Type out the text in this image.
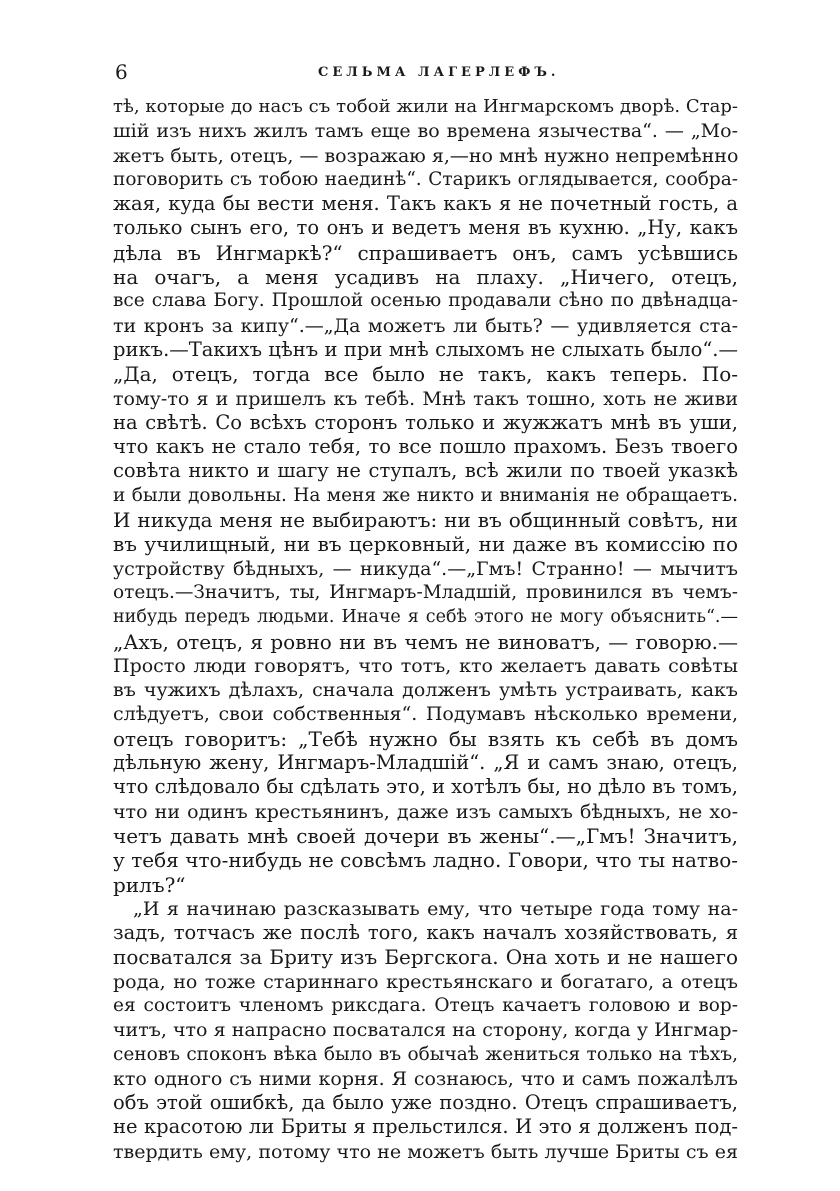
6	СЕЛЬМА ЛАГЕРЛЕФЪ.
тѣ, которые до насъ съ тобой жили на Ингмарскомъ дворѣ. Стар-
шій изъ нихъ жилъ тамъ еще во времена язычества“. — „Мо-
жетъ быть, отецъ, — возражаю я,—но мнѣ нужно непремѣнно
поговорить съ тобою наединѣ“. Старикъ оглядывается, сообра-
жая, куда бы вести меня. Такъ какъ я не почетный гость, а
только сынъ его, то онъ и ведетъ меня въ кухню. „Ну, какъ
дѣла въ Ингмаркѣ?“ спрашиваетъ онъ, самъ усѣвшись
на очагъ, а меня усадивъ на плаху. „Ничего, отецъ,
все слава Богу. Прошлой осенью продавали сѣно по двѣнадца-
ти кронъ за кипу“.—„Да можетъ ли быть? — удивляется ста-
рикъ.—Такихъ цѣнъ и при мнѣ слыхомъ не слыхать было“.—
„Да, отецъ, тогда все было не такъ, какъ теперь. По-
тому-то я и пришелъ къ тебѣ. Мнѣ такъ тошно, хоть не живи
на свѣтѣ. Со всѣхъ сторонъ только и жужжатъ мнѣ въ уши,
что какъ не стало тебя, то все пошло прахомъ. Безъ твоего
совѣта никто и шагу не ступалъ, всѣ жили по твоей указкѣ
и были довольны. На меня же никто и вниманія не обращаетъ.
И никуда меня не выбираютъ: ни въ общинный совѣтъ, ни
въ училищный, ни въ церковный, ни даже въ комиссію по
устройству бѣдныхъ, — никуда“.—„Гмъ! Странно! — мычитъ
отецъ.—Значитъ, ты, Ингмаръ-Младшій, провинился въ чемъ-
нибудь передъ людьми. Иначе я себѣ этого не могу объяснить“.—
„Ахъ, отецъ, я ровно ни въ чемъ не виноватъ, — говорю.—
Просто люди говорятъ, что тотъ, кто желаетъ давать совѣты
въ чужихъ дѣлахъ, сначала долженъ умѣть устраивать, какъ
слѣдуетъ, свои собственныя“. Подумавъ нѣсколько времени,
отецъ говоритъ: „Тебѣ нужно бы взять къ себѣ въ домъ
дѣльную жену, Ингмаръ-Младшій“. „Я и самъ знаю, отецъ,
что слѣдовало бы сдѣлать это, и хотѣлъ бы, но дѣло въ томъ,
что ни одинъ крестьянинъ, даже изъ самыхъ бѣдныхъ, не хо-
четъ давать мнѣ своей дочери въ жены“.—„Гмъ! Значитъ,
у тебя что-нибудь не совсѣмъ ладно. Говори, что ты натво-
рилъ?“
„И я начинаю разсказывать ему, что четыре года тому на-
задъ, тотчасъ же послѣ того, какъ началъ хозяйствовать, я
посватался за Бриту изъ Бергскога. Она хоть и не нашего
рода, но тоже стариннаго крестьянскаго и богатаго, а отецъ
ея состоитъ членомъ риксдага. Отецъ качаетъ головою и вор-
читъ, что я напрасно посватался на сторону, когда у Ингмар-
сеновъ споконъ вѣка было въ обычаѣ жениться только на тѣхъ,
кто одного съ ними корня. Я сознаюсь, что и самъ пожалѣлъ
объ этой ошибкѣ, да было уже поздно. Отецъ спрашиваетъ,
не красотою ли Бриты я прельстился. И это я долженъ под-
твердить ему, потому что не можетъ быть лучше Бриты съ ея
